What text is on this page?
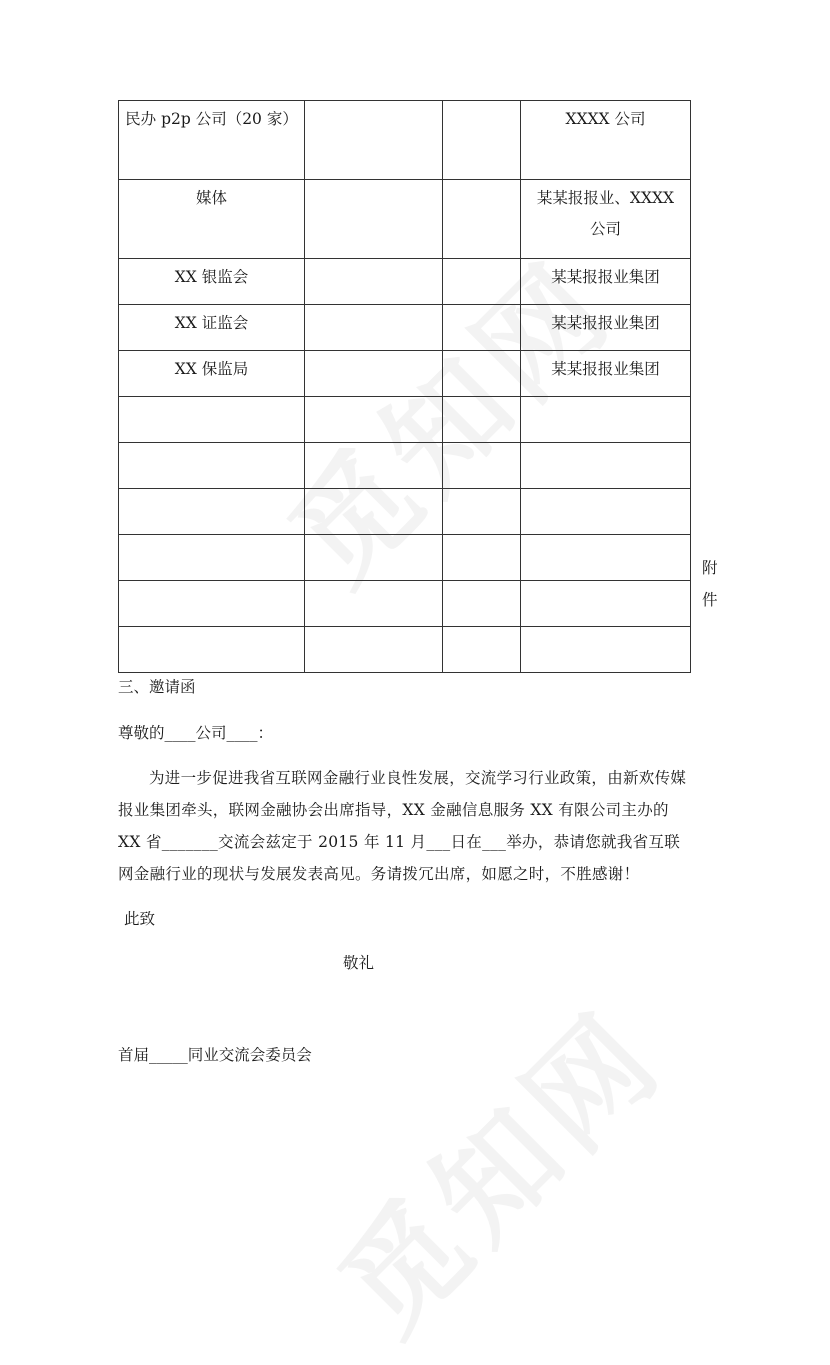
民办 p2p 公司（20 家）			XXXX 公司
媒体			某某报报业、XXXX 公司
XX 银监会			某某报报业集团
XX 证监会			某某报报业集团
XX 保监局			某某报报业集团

附件

三、邀请函

尊敬的____公司____：

为进一步促进我省互联网金融行业良性发展，交流学习行业政策，由新欢传媒报业集团牵头，联网金融协会出席指导，XX 金融信息服务 XX 有限公司主办的 XX 省_______交流会兹定于 2015 年 11 月___日在___举办，恭请您就我省互联网金融行业的现状与发展发表高见。务请拨冗出席，如愿之时，不胜感谢！

此致

敬礼

首届_____同业交流会委员会
